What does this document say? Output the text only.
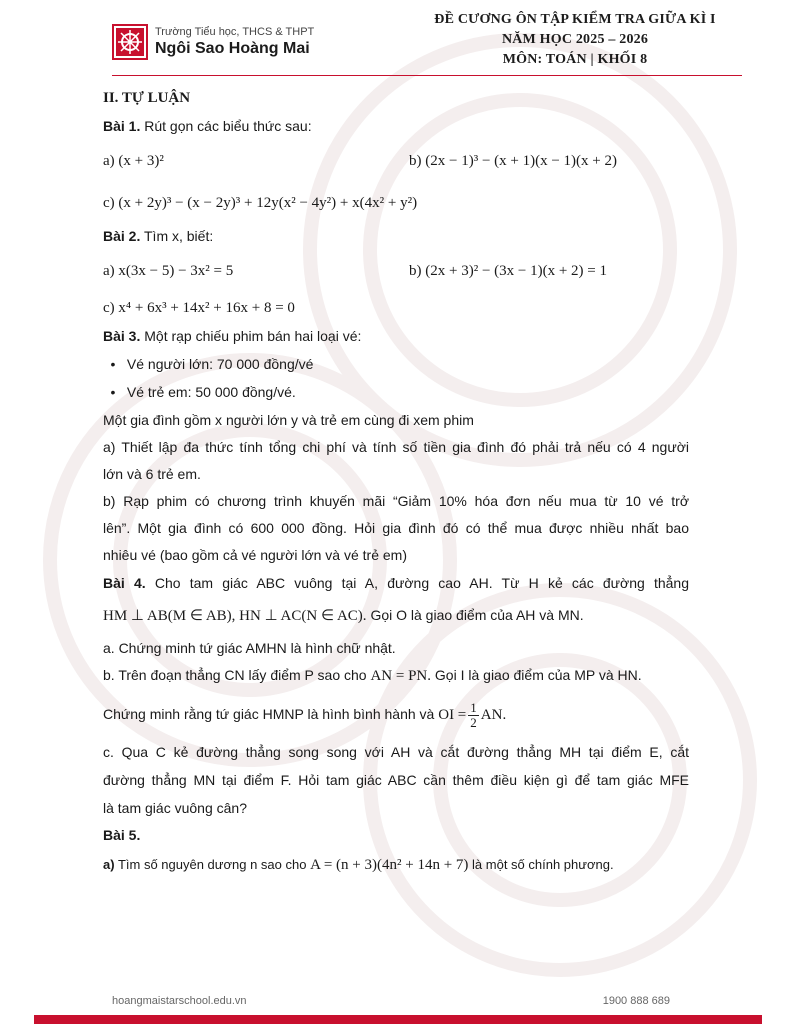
Trường Tiểu học, THCS & THPT
Ngôi Sao Hoàng Mai
ĐỀ CƯƠNG ÔN TẬP KIỂM TRA GIỮA KÌ I
NĂM HỌC 2025 – 2026
MÔN: TOÁN | KHỐI 8
II. TỰ LUẬN
Bài 1. Rút gọn các biểu thức sau:
a) (x + 3)²	b) (2x − 1)³ − (x + 1)(x − 1)(x + 2)
c) (x + 2y)³ − (x − 2y)³ + 12y(x² − 4y²) + x(4x² + y²)
Bài 2. Tìm x, biết:
a) x(3x − 5) − 3x² = 5	b) (2x + 3)² − (3x − 1)(x + 2) = 1
c) x⁴ + 6x³ + 14x² + 16x + 8 = 0
Bài 3. Một rạp chiếu phim bán hai loại vé:
• Vé người lớn: 70 000 đồng/vé
• Vé trẻ em: 50 000 đồng/vé.
Một gia đình gồm x người lớn y và trẻ em cùng đi xem phim
a) Thiết lập đa thức tính tổng chi phí và tính số tiền gia đình đó phải trả nếu có 4 người
lớn và 6 trẻ em.
b) Rạp phim có chương trình khuyến mãi “Giảm 10% hóa đơn nếu mua từ 10 vé trở
lên”. Một gia đình có 600 000 đồng. Hỏi gia đình đó có thể mua được nhiều nhất bao
nhiêu vé (bao gồm cả vé người lớn và vé trẻ em)
Bài 4. Cho tam giác ABC vuông tại A, đường cao AH. Từ H kẻ các đường thẳng
HM ⊥ AB(M ∈ AB), HN ⊥ AC(N ∈ AC). Gọi O là giao điểm của AH và MN.
a. Chứng minh tứ giác AMHN là hình chữ nhật.
b. Trên đoạn thẳng CN lấy điểm P sao cho AN = PN. Gọi I là giao điểm của MP và HN.
Chứng minh rằng tứ giác HMNP là hình bình hành và OI = $\frac{1}{2}$ AN.
c. Qua C kẻ đường thẳng song song với AH và cắt đường thẳng MH tại điểm E, cắt
đường thẳng MN tại điểm F. Hỏi tam giác ABC cần thêm điều kiện gì để tam giác MFE
là tam giác vuông cân?
Bài 5.
a) Tìm số nguyên dương n sao cho A = (n + 3)(4n² + 14n + 7) là một số chính phương.
hoangmaistarschool.edu.vn	1900 888 689
